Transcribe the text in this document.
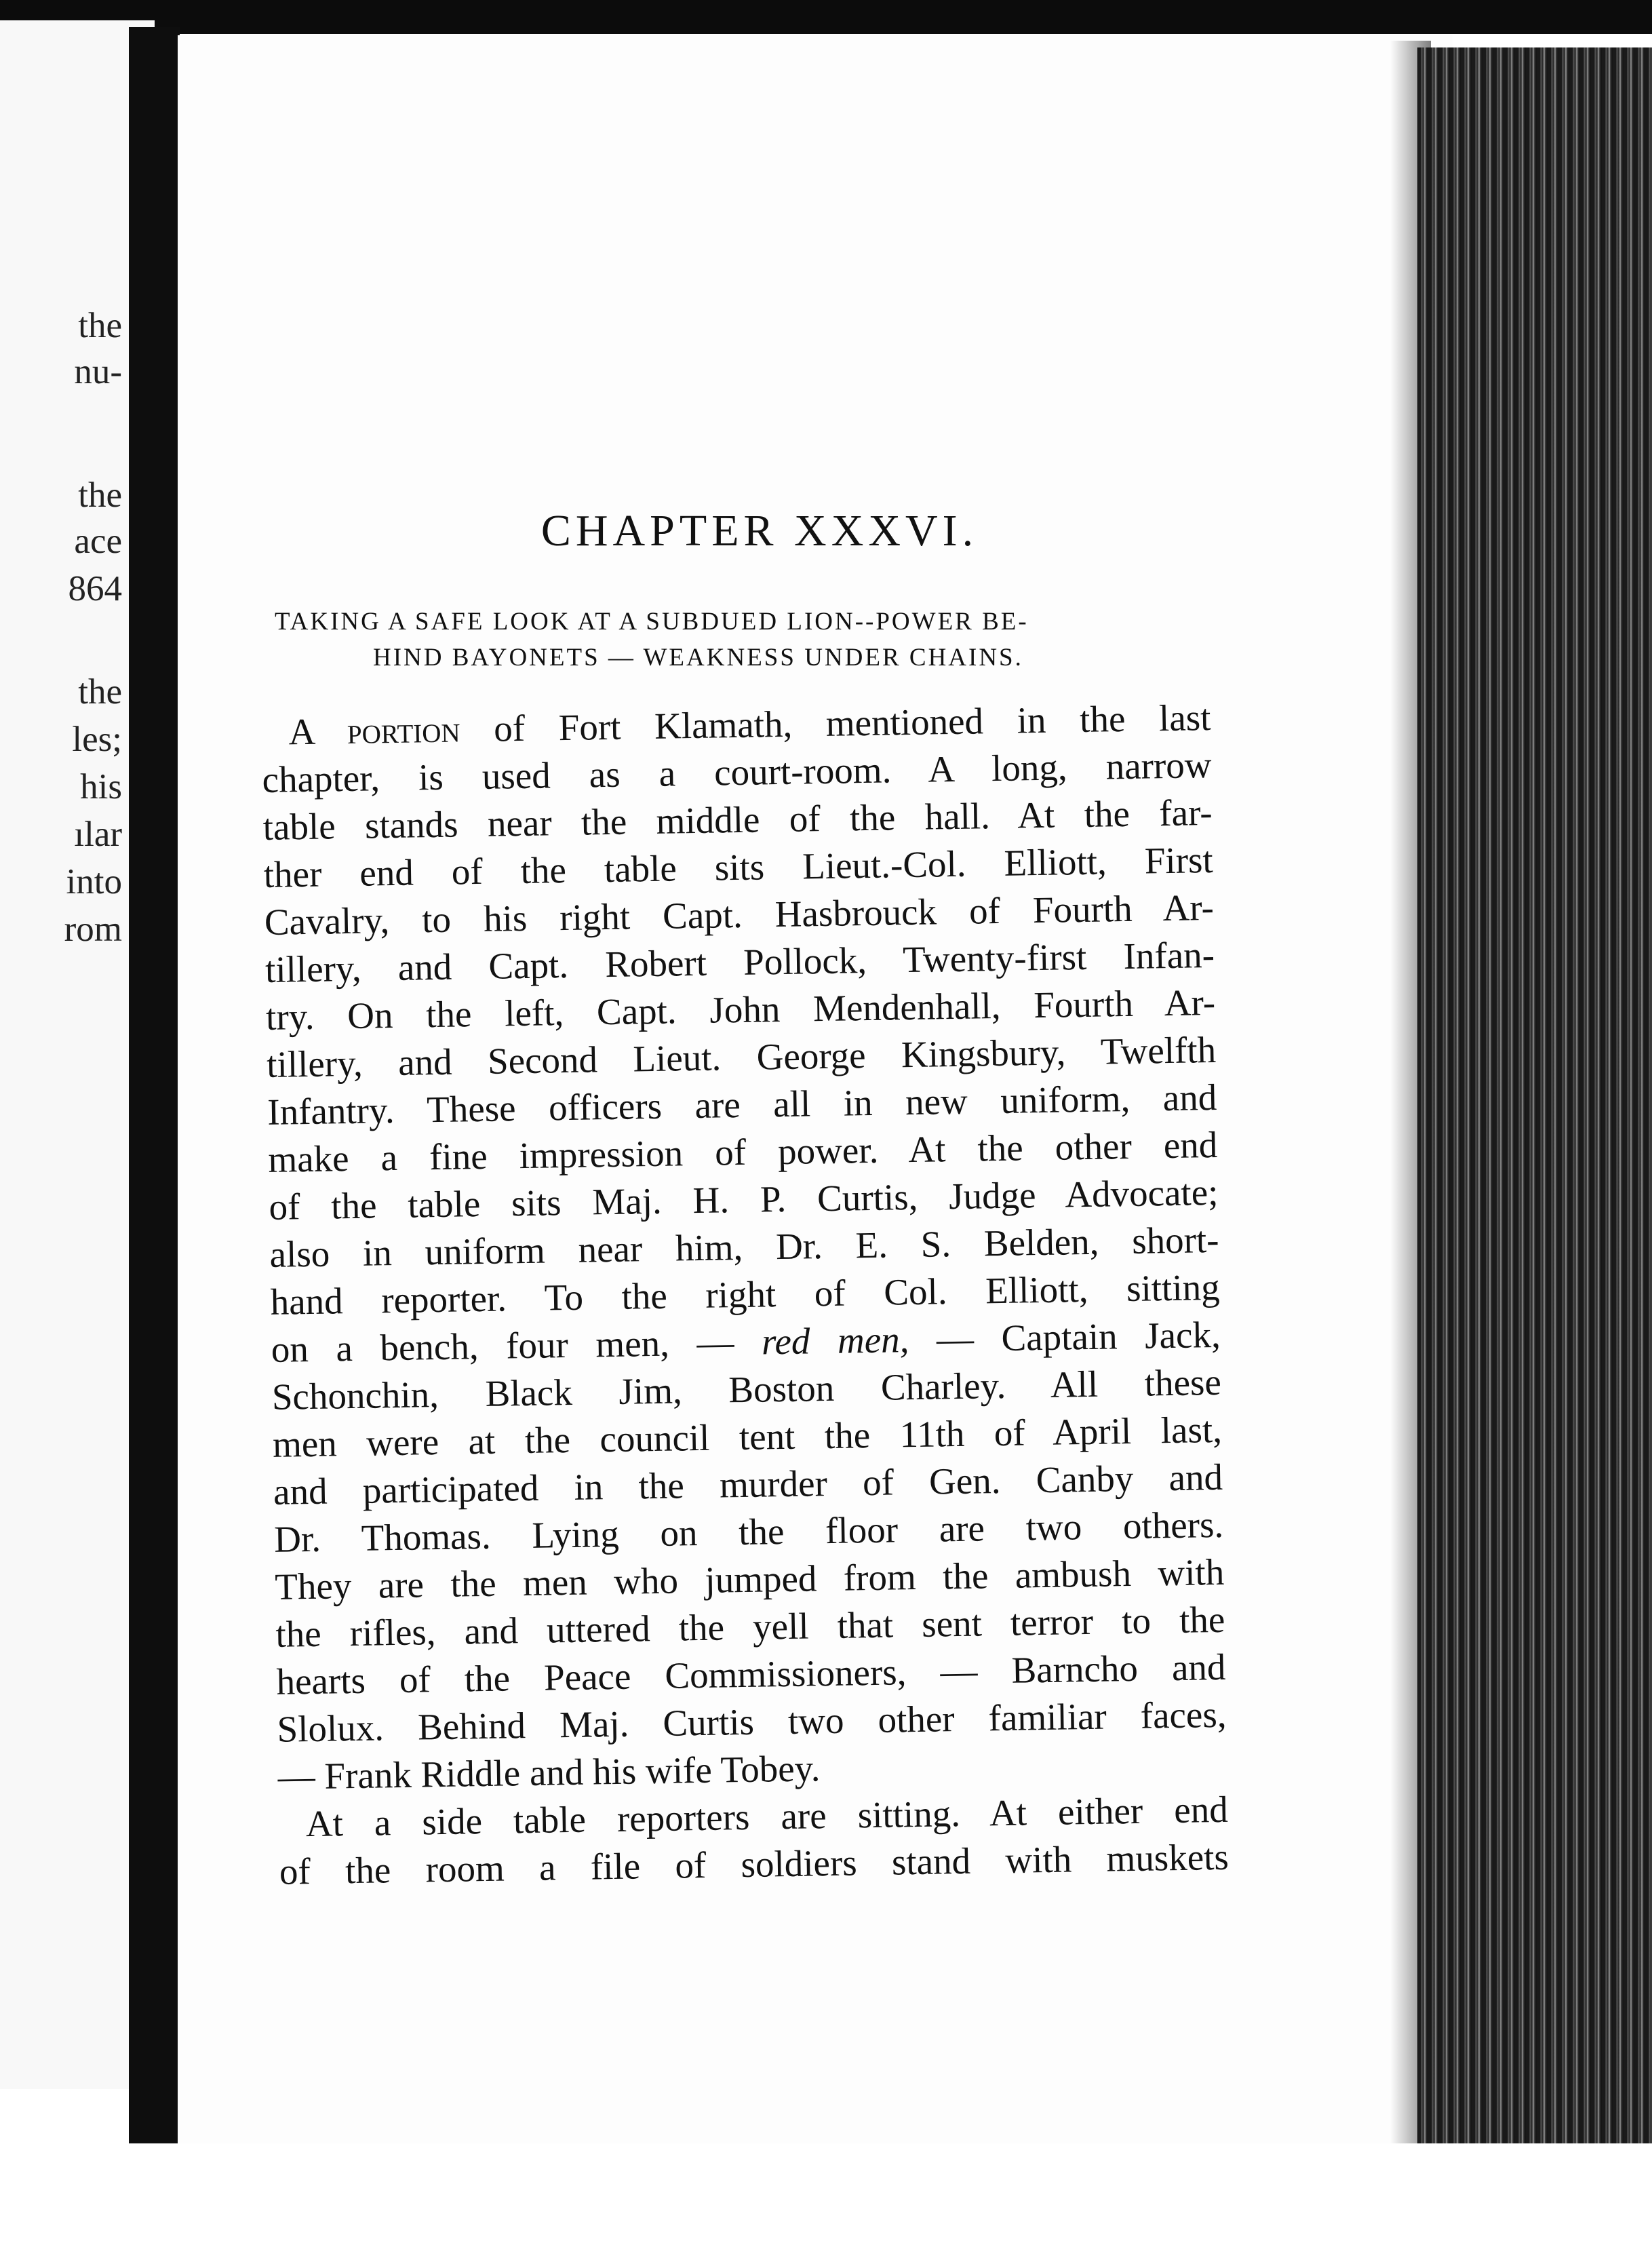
the
nu-
the
ace
864
the
les;
his
ılar
into
rom
CHAPTER XXXVI.
TAKING A SAFE LOOK AT A SUBDUED LION--POWER BE-
HIND BAYONETS — WEAKNESS UNDER CHAINS.
A portion of Fort Klamath, mentioned in the last
chapter, is used as a court-room. A long, narrow
table stands near the middle of the hall. At the far-
ther end of the table sits Lieut.-Col. Elliott, First
Cavalry, to his right Capt. Hasbrouck of Fourth Ar-
tillery, and Capt. Robert Pollock, Twenty-first Infan-
try. On the left, Capt. John Mendenhall, Fourth Ar-
tillery, and Second Lieut. George Kingsbury, Twelfth
Infantry. These officers are all in new uniform, and
make a fine impression of power. At the other end
of the table sits Maj. H. P. Curtis, Judge Advocate;
also in uniform near him, Dr. E. S. Belden, short-
hand reporter. To the right of Col. Elliott, sitting
on a bench, four men, — red men, — Captain Jack,
Schonchin, Black Jim, Boston Charley. All these
men were at the council tent the 11th of April last,
and participated in the murder of Gen. Canby and
Dr. Thomas. Lying on the floor are two others.
They are the men who jumped from the ambush with
the rifles, and uttered the yell that sent terror to the
hearts of the Peace Commissioners, — Barncho and
Slolux. Behind Maj. Curtis two other familiar faces,
— Frank Riddle and his wife Tobey.
At a side table reporters are sitting. At either end
of the room a file of soldiers stand with muskets
